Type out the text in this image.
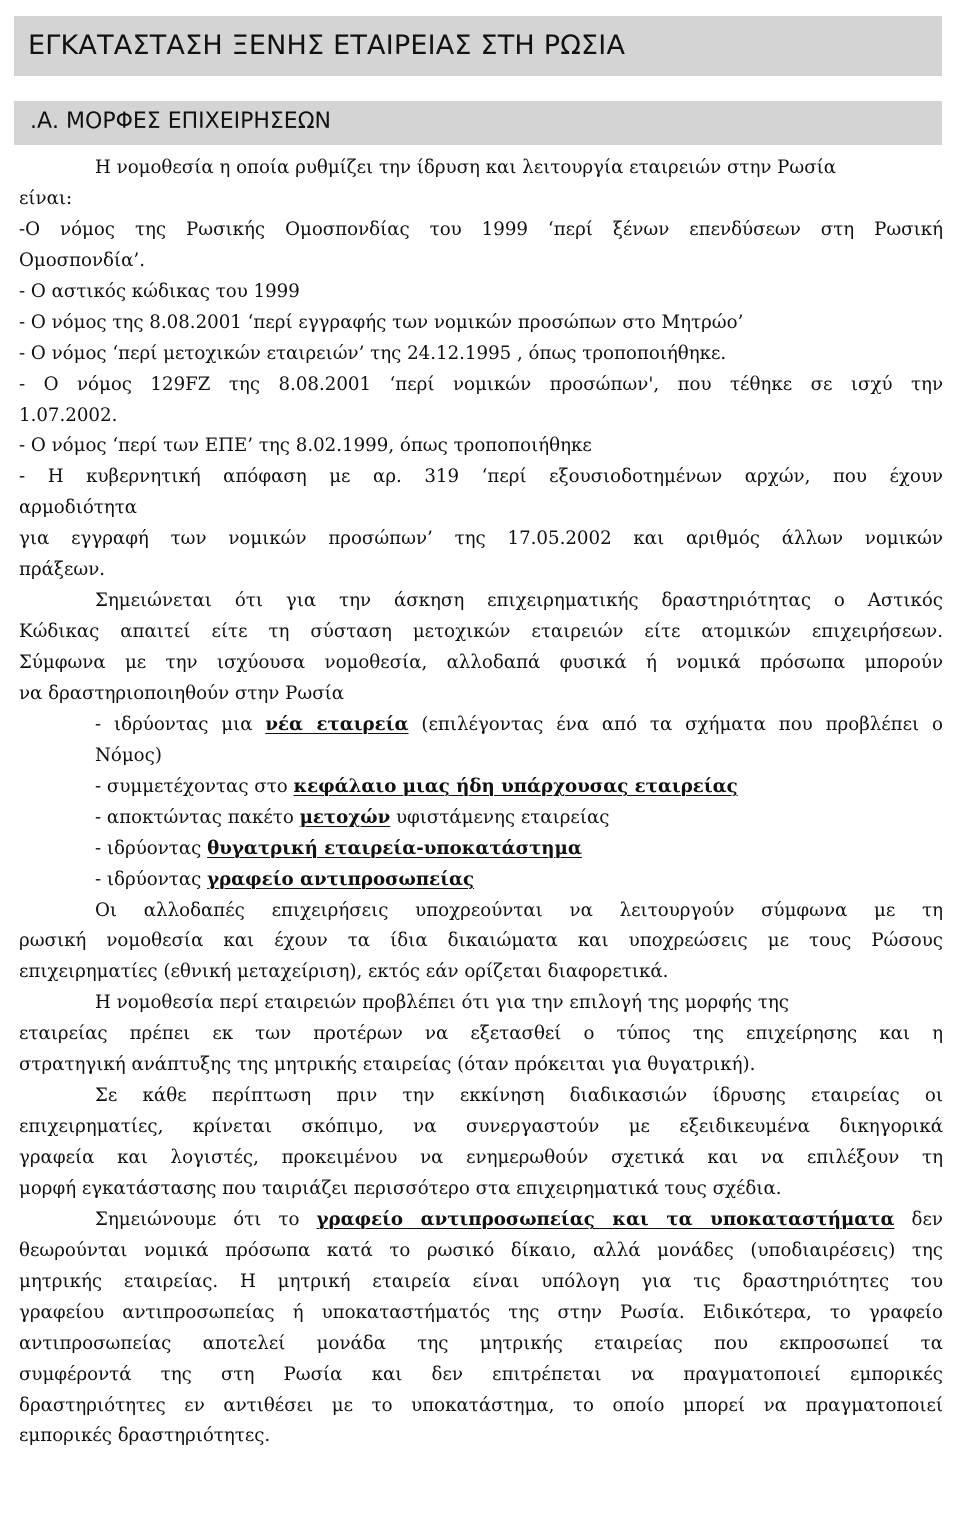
ΕΓΚΑΤΑΣΤΑΣΗ ΞΕΝΗΣ ΕΤΑΙΡΕΙΑΣ ΣΤΗ ΡΩΣΙΑ
.Α. ΜΟΡΦΕΣ ΕΠΙΧΕΙΡΗΣΕΩΝ
Η νομοθεσία η οποία ρυθμίζει την ίδρυση και λειτουργία εταιρειών στην Ρωσία
είναι:
-Ο νόμος της Ρωσικής Ομοσπονδίας του 1999 ‘περί ξένων επενδύσεων στη Ρωσική
Ομοσπονδία’.
- Ο αστικός κώδικας του 1999
- Ο νόμος της 8.08.2001 ‘περί εγγραφής των νομικών προσώπων στο Μητρώο’
- Ο νόμος ‘περί μετοχικών εταιρειών’ της 24.12.1995 , όπως τροποποιήθηκε.
- Ο νόμος 129FZ της 8.08.2001 ‘περί νομικών προσώπων', που τέθηκε σε ισχύ την
1.07.2002.
- Ο νόμος ‘περί των ΕΠΕ’ της 8.02.1999, όπως τροποποιήθηκε
- Η κυβερνητική απόφαση με αρ. 319 ‘περί εξουσιοδοτημένων αρχών, που έχουν
αρμοδιότητα
για εγγραφή των νομικών προσώπων’ της 17.05.2002 και αριθμός άλλων νομικών
πράξεων.
Σημειώνεται ότι για την άσκηση επιχειρηματικής δραστηριότητας ο Αστικός
Κώδικας απαιτεί είτε τη σύσταση μετοχικών εταιρειών είτε ατομικών επιχειρήσεων.
Σύμφωνα με την ισχύουσα νομοθεσία, αλλοδαπά φυσικά ή νομικά πρόσωπα μπορούν
να δραστηριοποιηθούν στην Ρωσία
- ιδρύοντας μια νέα εταιρεία (επιλέγοντας ένα από τα σχήματα που προβλέπει ο
Νόμος)
- συμμετέχοντας στο κεφάλαιο μιας ήδη υπάρχουσας εταιρείας
- αποκτώντας πακέτο μετοχών υφιστάμενης εταιρείας
- ιδρύοντας θυγατρική εταιρεία-υποκατάστημα
- ιδρύοντας γραφείο αντιπροσωπείας
Οι αλλοδαπές επιχειρήσεις υποχρεούνται να λειτουργούν σύμφωνα με τη
ρωσική νομοθεσία και έχουν τα ίδια δικαιώματα και υποχρεώσεις με τους Ρώσους
επιχειρηματίες (εθνική μεταχείριση), εκτός εάν ορίζεται διαφορετικά.
Η νομοθεσία περί εταιρειών προβλέπει ότι για την επιλογή της μορφής της
εταιρείας πρέπει εκ των προτέρων να εξετασθεί ο τύπος της επιχείρησης και η
στρατηγική ανάπτυξης της μητρικής εταιρείας (όταν πρόκειται για θυγατρική).
Σε κάθε περίπτωση πριν την εκκίνηση διαδικασιών ίδρυσης εταιρείας οι
επιχειρηματίες, κρίνεται σκόπιμο, να συνεργαστούν με εξειδικευμένα δικηγορικά
γραφεία και λογιστές, προκειμένου να ενημερωθούν σχετικά και να επιλέξουν τη
μορφή εγκατάστασης που ταιριάζει περισσότερο στα επιχειρηματικά τους σχέδια.
Σημειώνουμε ότι το γραφείο αντιπροσωπείας και τα υποκαταστήματα δεν
θεωρούνται νομικά πρόσωπα κατά το ρωσικό δίκαιο, αλλά μονάδες (υποδιαιρέσεις) της
μητρικής εταιρείας. Η μητρική εταιρεία είναι υπόλογη για τις δραστηριότητες του
γραφείου αντιπροσωπείας ή υποκαταστήματός της στην Ρωσία. Ειδικότερα, το γραφείο
αντιπροσωπείας αποτελεί μονάδα της μητρικής εταιρείας που εκπροσωπεί τα
συμφέροντά της στη Ρωσία και δεν επιτρέπεται να πραγματοποιεί εμπορικές
δραστηριότητες εν αντιθέσει με το υποκατάστημα, το οποίο μπορεί να πραγματοποιεί
εμπορικές δραστηριότητες.
